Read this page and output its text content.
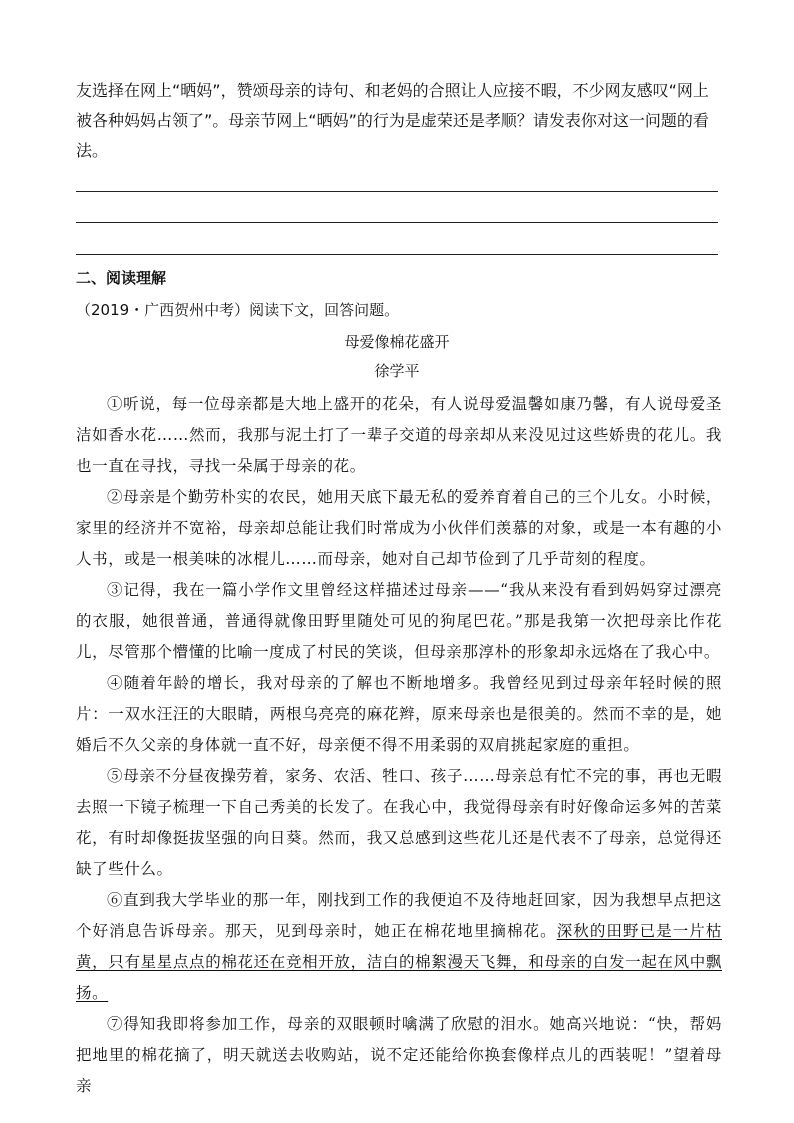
友选择在网上“晒妈”，赞颂母亲的诗句、和老妈的合照让人应接不暇，不少网友感叹“网上

被各种妈妈占领了”。母亲节网上“晒妈”的行为是虚荣还是孝顺？请发表你对这一问题的看

法。

二、阅读理解
（2019・广西贺州中考）阅读下文，回答问题。
母爱像棉花盛开
徐学平

①听说，每一位母亲都是大地上盛开的花朵，有人说母爱温馨如康乃馨，有人说母爱圣洁如香水花……然而，我那与泥土打了一辈子交道的母亲却从来没见过这些娇贵的花儿。我也一直在寻找，寻找一朵属于母亲的花。

②母亲是个勤劳朴实的农民，她用天底下最无私的爱养育着自己的三个儿女。小时候，家里的经济并不宽裕，母亲却总能让我们时常成为小伙伴们羡慕的对象，或是一本有趣的小人书，或是一根美味的冰棍儿……而母亲，她对自己却节俭到了几乎苛刻的程度。

③记得，我在一篇小学作文里曾经这样描述过母亲——“我从来没有看到妈妈穿过漂亮的衣服，她很普通，普通得就像田野里随处可见的狗尾巴花。”那是我第一次把母亲比作花儿，尽管那个懵懂的比喻一度成了村民的笑谈，但母亲那淳朴的形象却永远烙在了我心中。

④随着年龄的增长，我对母亲的了解也不断地增多。我曾经见到过母亲年轻时候的照片：一双水汪汪的大眼睛，两根乌亮亮的麻花辫，原来母亲也是很美的。然而不幸的是，她婚后不久父亲的身体就一直不好，母亲便不得不用柔弱的双肩挑起家庭的重担。

⑤母亲不分昼夜操劳着，家务、农活、牲口、孩子……母亲总有忙不完的事，再也无暇去照一下镜子梳理一下自己秀美的长发了。在我心中，我觉得母亲有时好像命运多舛的苦菜花，有时却像挺拔坚强的向日葵。然而，我又总感到这些花儿还是代表不了母亲，总觉得还缺了些什么。

⑥直到我大学毕业的那一年，刚找到工作的我便迫不及待地赶回家，因为我想早点把这个好消息告诉母亲。那天，见到母亲时，她正在棉花地里摘棉花。深秋的田野已是一片枯黄，只有星星点点的棉花还在竞相开放，洁白的棉絮漫天飞舞，和母亲的白发一起在风中飘扬。

⑦得知我即将参加工作，母亲的双眼顿时噙满了欣慰的泪水。她高兴地说：“快，帮妈把地里的棉花摘了，明天就送去收购站，说不定还能给你换套像样点儿的西装呢！”望着母亲
